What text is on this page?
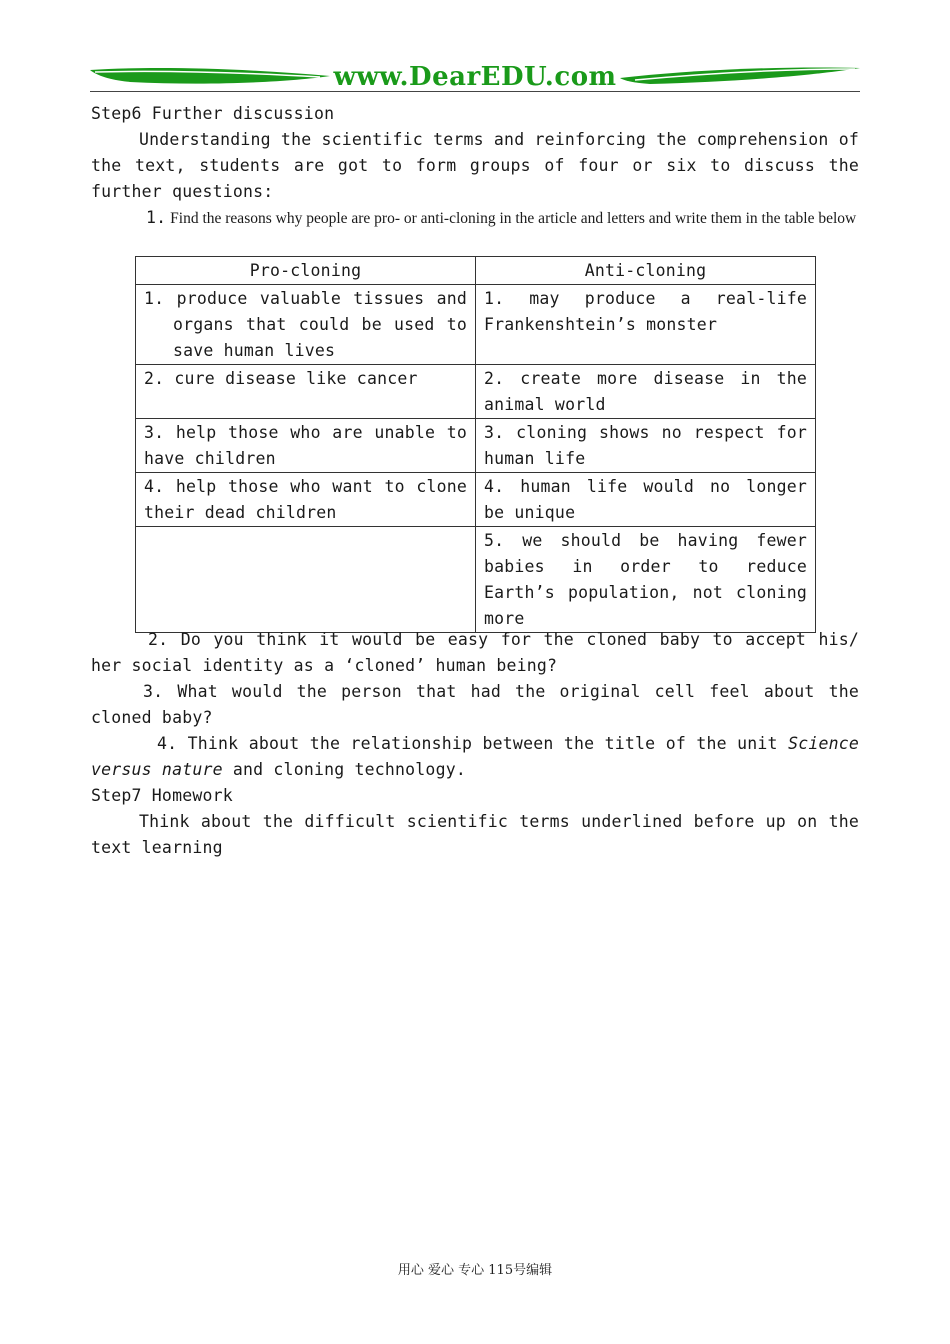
www.DearEDU.com
Step6 Further discussion
Understanding the scientific terms and reinforcing the comprehension of the text, students are got to form groups of four or six to discuss the further questions:
1. Find the reasons why people are pro- or anti-cloning in the article and letters and write them in the table below
Pro-cloning	Anti-cloning

1. produce valuable tissues and organs that could be used to save human lives	1. may produce a real-life Frankenshtein’s monster
2. cure disease like cancer	2. create more disease in the animal world
3. help those who are unable to have children	3. cloning shows no respect for human life
4. help those who want to clone their dead children	4. human life would no longer be unique
	5. we should be having fewer babies in order to reduce Earth’s population, not cloning more
2. Do you think it would be easy for the cloned baby to accept his/ her social identity as a ‘cloned’ human being?
3. What would the person that had the original cell feel about the cloned baby?
4. Think about the relationship between the title of the unit Science versus nature and cloning technology.
Step7 Homework
Think about the difficult scientific terms underlined before up on the text learning
用心 爱心 专心 115号编辑
